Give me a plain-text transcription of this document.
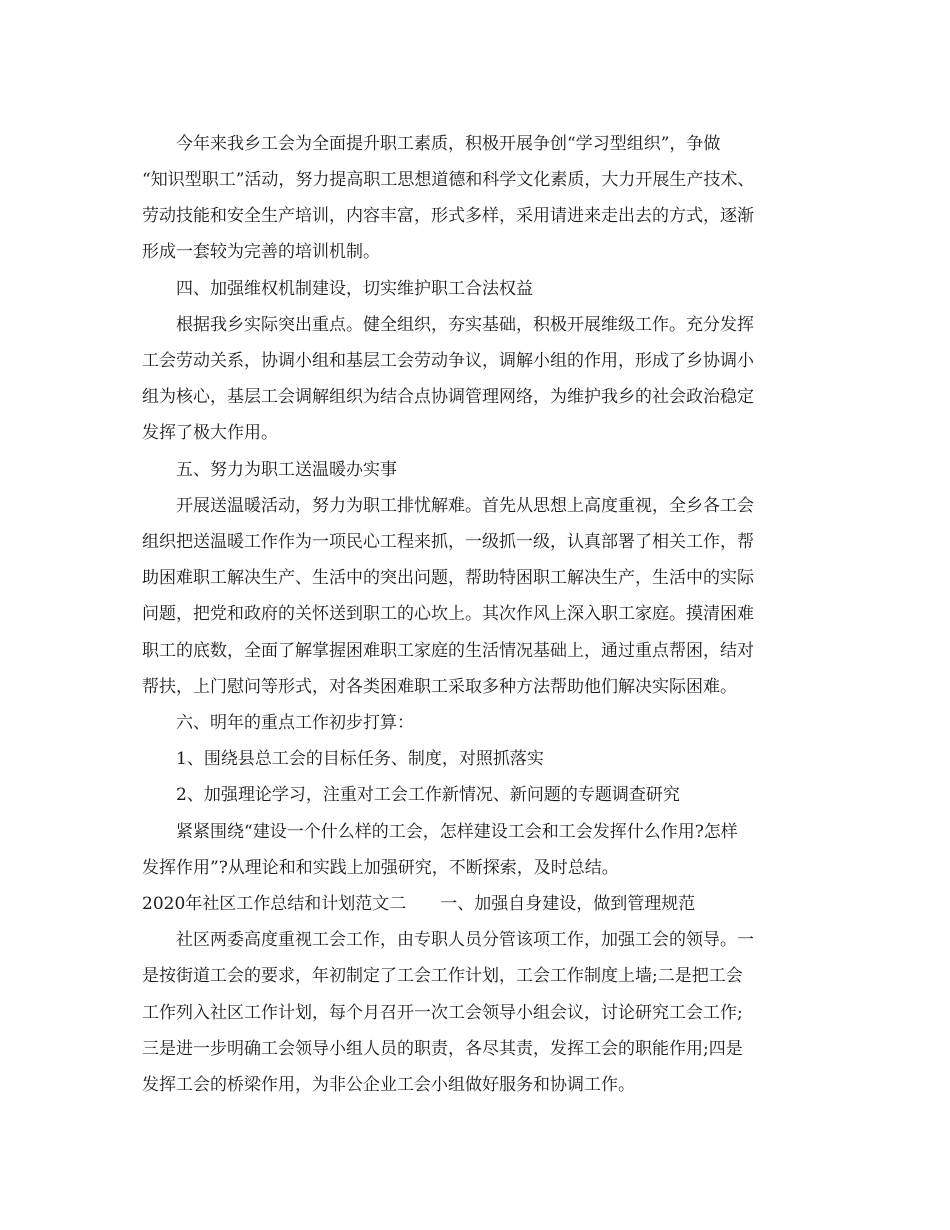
今年来我乡工会为全面提升职工素质，积极开展争创“学习型组织”，争做
“知识型职工”活动，努力提高职工思想道德和科学文化素质，大力开展生产技术、
劳动技能和安全生产培训，内容丰富，形式多样，采用请进来走出去的方式，逐渐
形成一套较为完善的培训机制。
四、加强维权机制建设，切实维护职工合法权益
根据我乡实际突出重点。健全组织，夯实基础，积极开展维级工作。充分发挥
工会劳动关系，协调小组和基层工会劳动争议，调解小组的作用，形成了乡协调小
组为核心，基层工会调解组织为结合点协调管理网络，为维护我乡的社会政治稳定
发挥了极大作用。
五、努力为职工送温暖办实事
开展送温暖活动，努力为职工排忧解难。首先从思想上高度重视，全乡各工会
组织把送温暖工作作为一项民心工程来抓，一级抓一级，认真部署了相关工作，帮
助困难职工解决生产、生活中的突出问题，帮助特困职工解决生产，生活中的实际
问题，把党和政府的关怀送到职工的心坎上。其次作风上深入职工家庭。摸清困难
职工的底数，全面了解掌握困难职工家庭的生活情况基础上，通过重点帮困，结对
帮扶，上门慰问等形式，对各类困难职工采取多种方法帮助他们解决实际困难。
六、明年的重点工作初步打算：
1、围绕县总工会的目标任务、制度，对照抓落实
2、加强理论学习，注重对工会工作新情况、新问题的专题调查研究
紧紧围绕“建设一个什么样的工会，怎样建设工会和工会发挥什么作用?怎样
发挥作用”?从理论和和实践上加强研究，不断探索，及时总结。
2020年社区工作总结和计划范文二　　一、加强自身建设，做到管理规范
社区两委高度重视工会工作，由专职人员分管该项工作，加强工会的领导。一
是按街道工会的要求，年初制定了工会工作计划，工会工作制度上墙;二是把工会
工作列入社区工作计划，每个月召开一次工会领导小组会议，讨论研究工会工作;
三是进一步明确工会领导小组人员的职责，各尽其责，发挥工会的职能作用;四是
发挥工会的桥梁作用，为非公企业工会小组做好服务和协调工作。
